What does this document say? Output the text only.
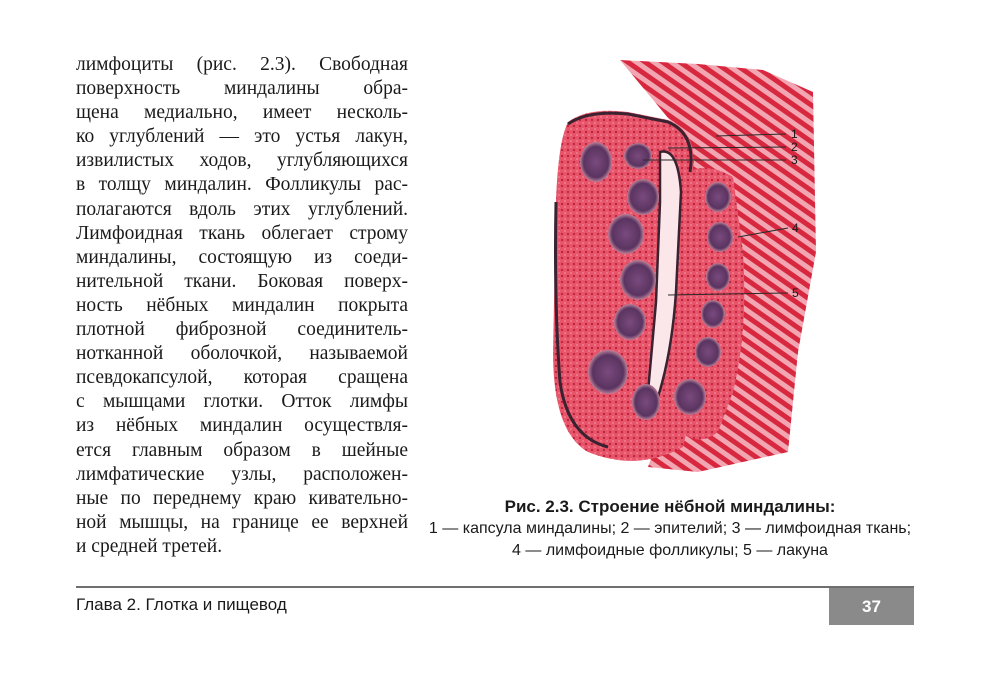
лимфоциты (рис. 2.3). Свободная
поверхность миндалины обра-
щена медиально, имеет несколь-
ко углублений — это устья лакун,
извилистых ходов, углубляющихся
в толщу миндалин. Фолликулы рас-
полагаются вдоль этих углублений.
Лимфоидная ткань облегает строму
миндалины, состоящую из соеди-
нительной ткани. Боковая поверх-
ность нёбных миндалин покрыта
плотной фиброзной соединитель-
нотканной оболочкой, называемой
псевдокапсулой, которая сращена
с мышцами глотки. Отток лимфы
из нёбных миндалин осуществля-
ется главным образом в шейные
лимфатические узлы, расположен-
ные по переднему краю кивательно-
ной мышцы, на границе ее верхней
и средней третей.
1
2
3
4
5
Рис. 2.3. Строение нёбной миндалины:
1 — капсула миндалины; 2 — эпителий; 3 — лимфоидная ткань;
4 — лимфоидные фолликулы; 5 — лакуна
Глава 2. Глотка и пищевод	37
